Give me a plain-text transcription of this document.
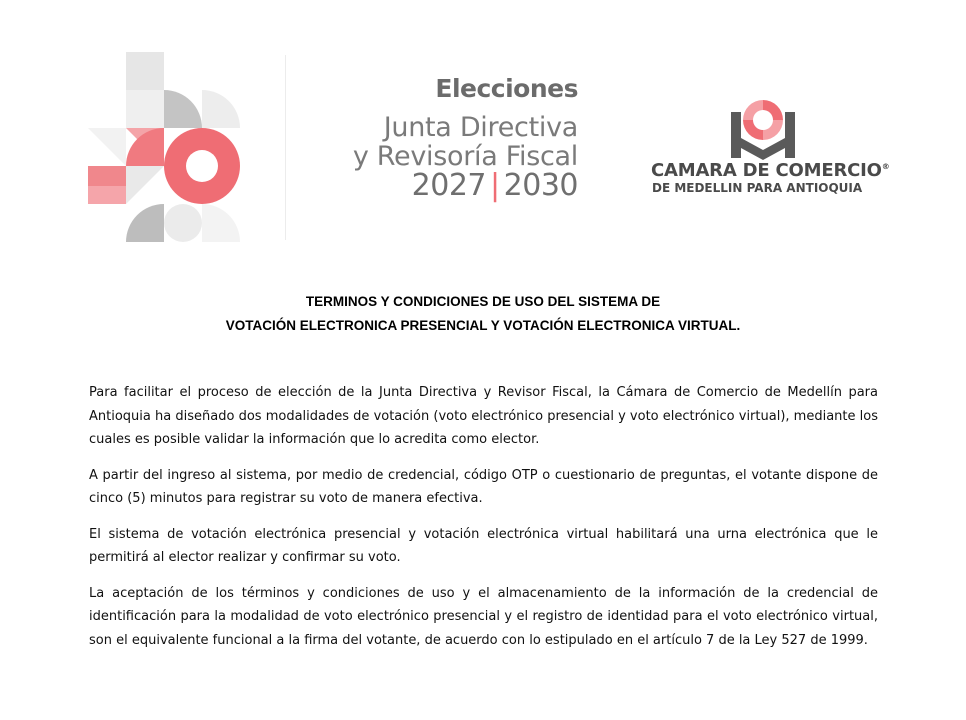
Elecciones
Junta Directiva
y Revisoría Fiscal
2027 | 2030	CAMARA DE COMERCIO®
DE MEDELLIN PARA ANTIOQUIA
TERMINOS Y CONDICIONES DE USO DEL SISTEMA DE
VOTACIÓN ELECTRONICA PRESENCIAL Y VOTACIÓN ELECTRONICA VIRTUAL.

Para facilitar el proceso de elección de la Junta Directiva y Revisor Fiscal, la Cámara de Comercio de Medellín para Antioquia ha diseñado dos modalidades de votación (voto electrónico presencial y voto electrónico virtual), mediante los cuales es posible validar la información que lo acredita como elector.

A partir del ingreso al sistema, por medio de credencial, código OTP o cuestionario de preguntas, el votante dispone de cinco (5) minutos para registrar su voto de manera efectiva.

El sistema de votación electrónica presencial y votación electrónica virtual habilitará una urna electrónica que le permitirá al elector realizar y confirmar su voto.

La aceptación de los términos y condiciones de uso y el almacenamiento de la información de la credencial de identificación para la modalidad de voto electrónico presencial y el registro de identidad para el voto electrónico virtual, son el equivalente funcional a la firma del votante, de acuerdo con lo estipulado en el artículo 7 de la Ley 527 de 1999.
